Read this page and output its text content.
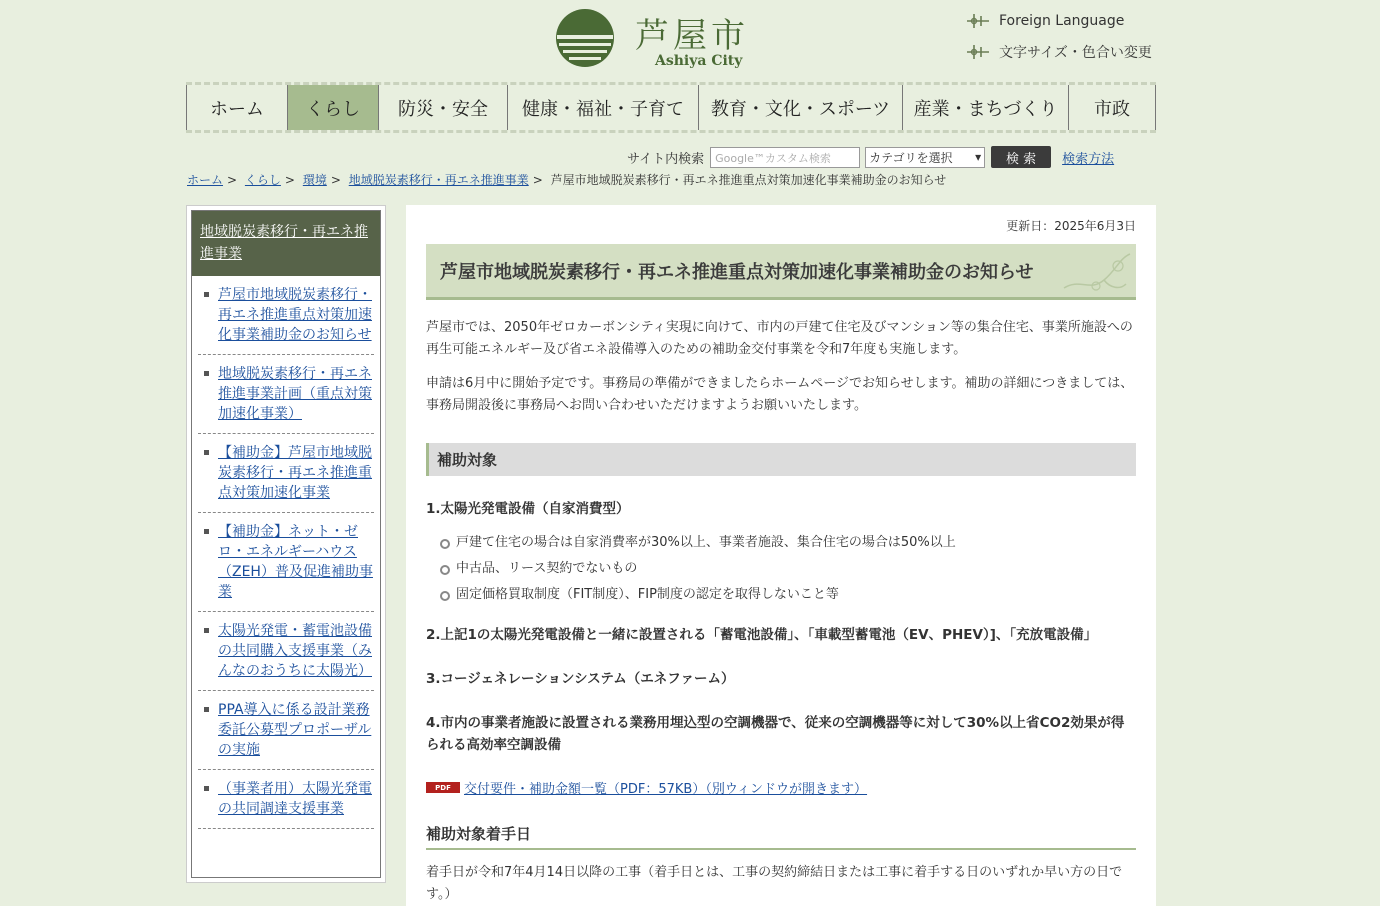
芦屋市
Ashiya City
Foreign Language
文字サイズ・色合い変更
ホーム	くらし	防災・安全	健康・福祉・子育て	教育・文化・スポーツ	産業・まちづくり	市政
サイト内検索	Google™カスタム検索	カテゴリを選択 ▾	検 索	検索方法
ホーム > くらし > 環境 > 地域脱炭素移行・再エネ推進事業 > 芦屋市地域脱炭素移行・再エネ推進重点対策加速化事業補助金のお知らせ
地域脱炭素移行・再エネ推進事業
芦屋市地域脱炭素移行・再エネ推進重点対策加速化事業補助金のお知らせ
地域脱炭素移行・再エネ推進事業計画（重点対策加速化事業）
【補助金】芦屋市地域脱炭素移行・再エネ推進重点対策加速化事業
【補助金】ネット・ゼロ・エネルギーハウス（ZEH）普及促進補助事業
太陽光発電・蓄電池設備の共同購入支援事業（みんなのおうちに太陽光）
PPA導入に係る設計業務委託公募型プロポーザルの実施
（事業者用）太陽光発電の共同調達支援事業
更新日：2025年6月3日
芦屋市地域脱炭素移行・再エネ推進重点対策加速化事業補助金のお知らせ

芦屋市では、2050年ゼロカーボンシティ実現に向けて、市内の戸建て住宅及びマンション等の集合住宅、事業所施設への再生可能エネルギー及び省エネ設備導入のための補助金交付事業を令和7年度も実施します。

申請は6月中に開始予定です。事務局の準備ができましたらホームページでお知らせします。補助の詳細につきましては、事務局開設後に事務局へお問い合わせいただけますようお願いいたします。

補助対象
1.太陽光発電設備（自家消費型）
戸建て住宅の場合は自家消費率が30%以上、事業者施設、集合住宅の場合は50%以上
中古品、リース契約でないもの
固定価格買取制度（FIT制度）、FIP制度の認定を取得しないこと等
2.上記1の太陽光発電設備と一緒に設置される「蓄電池設備」、「車載型蓄電池（EV、PHEV）]、「充放電設備」
3.コージェネレーションシステム（エネファーム）
4.市内の事業者施設に設置される業務用埋込型の空調機器で、従来の空調機器等に対して30%以上省CO2効果が得られる高効率空調設備
PDF	交付要件・補助金額一覧（PDF：57KB）（別ウィンドウが開きます）
補助対象着手日

着手日が令和7年4月14日以降の工事（着手日とは、工事の契約締結日または工事に着手する日のいずれか早い方の日です。）
